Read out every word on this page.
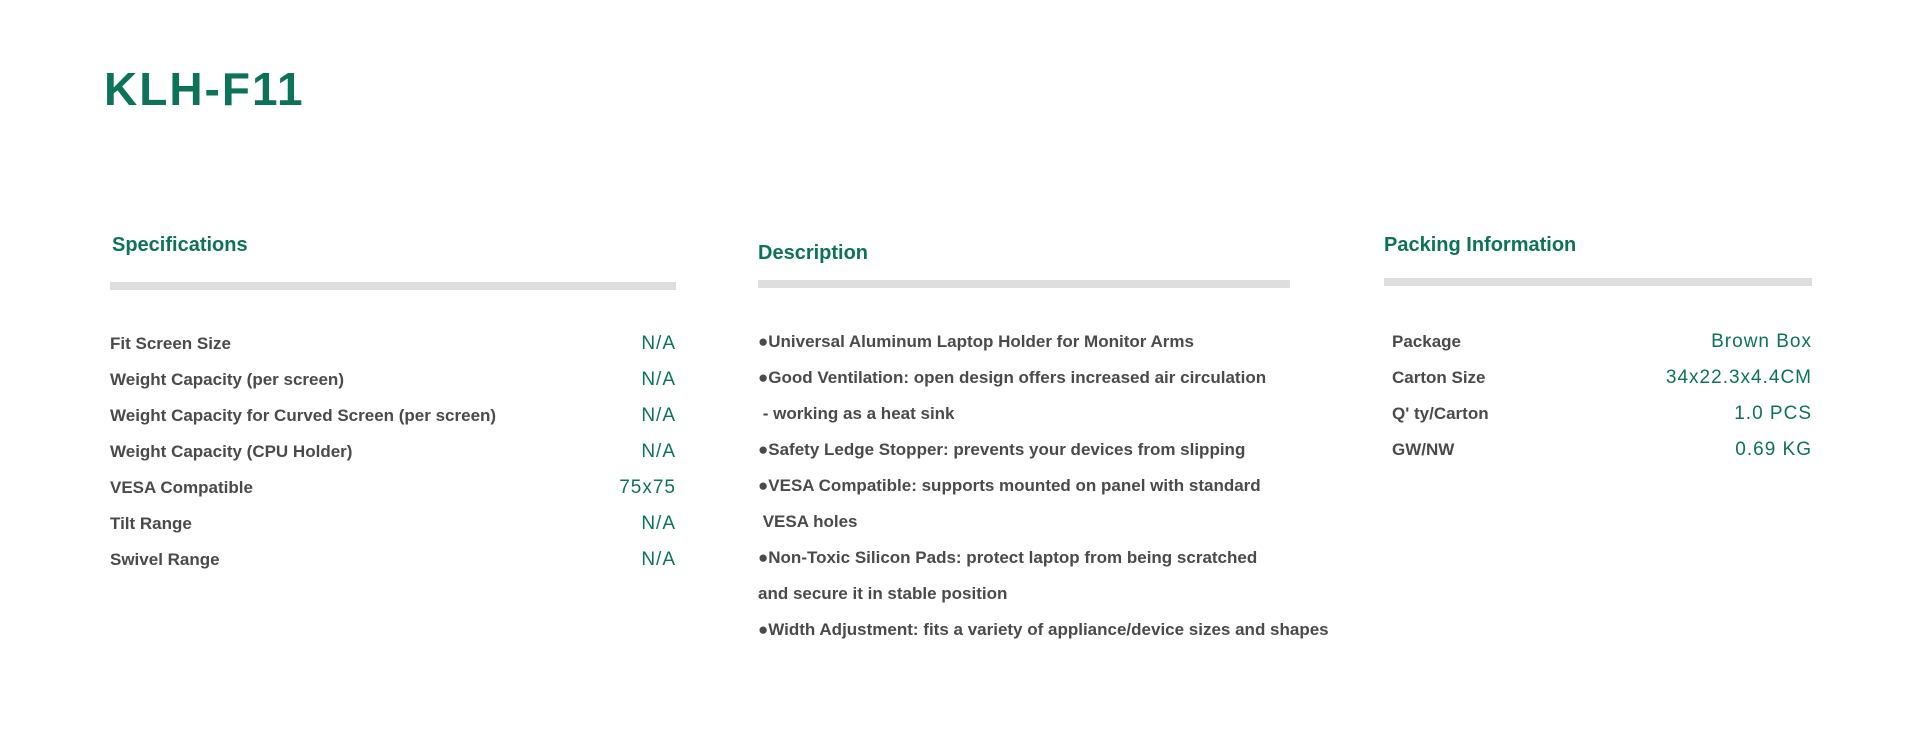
KLH-F11
Specifications
Fit Screen Size	N/A
Weight Capacity (per screen)	N/A
Weight Capacity for Curved Screen (per screen)	N/A
Weight Capacity (CPU Holder)	N/A
VESA Compatible	75x75
Tilt Range	N/A
Swivel Range	N/A
Description
●Universal Aluminum Laptop Holder for Monitor Arms
●Good Ventilation: open design offers increased air circulation
- working as a heat sink
●Safety Ledge Stopper: prevents your devices from slipping
●VESA Compatible: supports mounted on panel with standard
VESA holes
●Non-Toxic Silicon Pads: protect laptop from being scratched
and secure it in stable position
●Width Adjustment: fits a variety of appliance/device sizes and shapes
Packing Information
Package	Brown Box
Carton Size	34x22.3x4.4CM
Q' ty/Carton	1.0 PCS
GW/NW	0.69 KG
